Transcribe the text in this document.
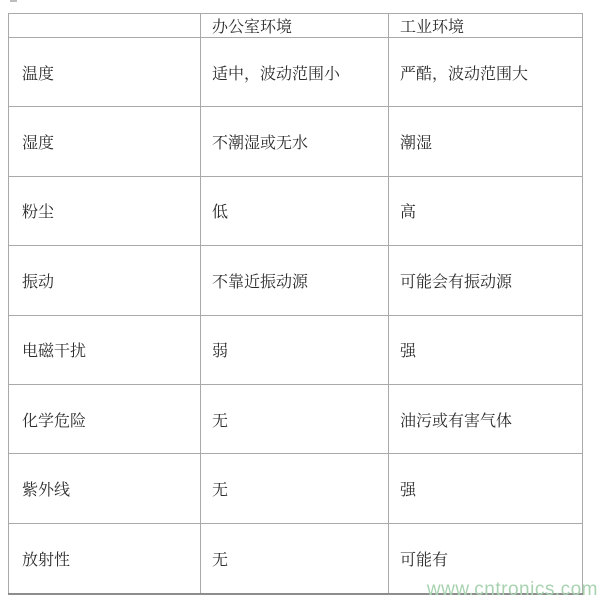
	办公室环境	工业环境
温度	适中，波动范围小	严酷，波动范围大
湿度	不潮湿或无水	潮湿
粉尘	低	高
振动	不靠近振动源	可能会有振动源
电磁干扰	弱	强
化学危险	无	油污或有害气体
紫外线	无	强
放射性	无	可能有
www.cntronics.com
